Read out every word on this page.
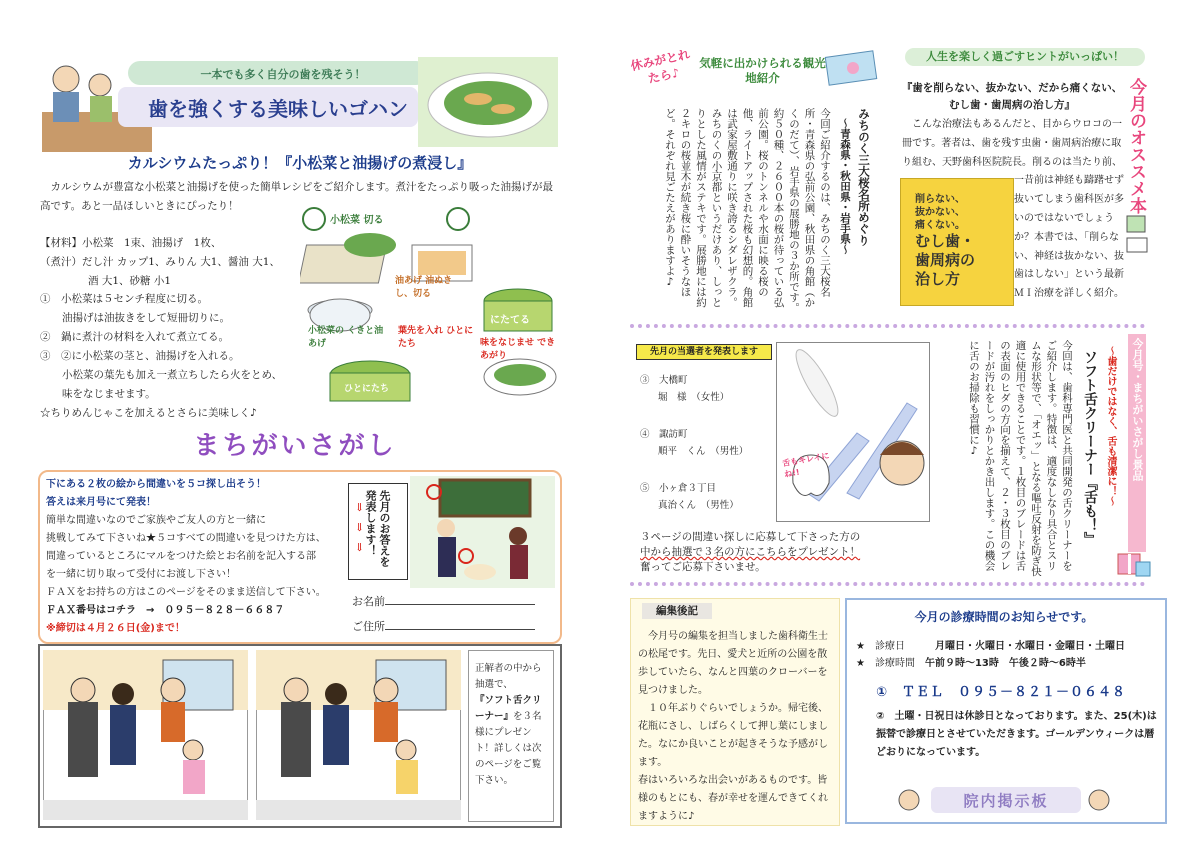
一本でも多く自分の歯を残そう！
歯を強くする美味しいゴハン
カルシウムたっぷり！『小松菜と油揚げの煮浸し』
カルシウムが豊富な小松菜と油揚げを使った簡単レシピをご紹介します。煮汁をたっぷり吸った油揚げが最高です。あと一品ほしいときにぴったり！
【材料】小松菜　1束、油揚げ　1枚、
（煮汁）だし汁 カップ1、みりん 大1、醤油 大1、
酒 大1、砂糖 小1
①　小松菜は５センチ程度に切る。
油揚げは油抜きをして短冊切りに。
②　鍋に煮汁の材料を入れて煮立てる。
③　②に小松菜の茎と、油揚げを入れる。
小松菜の葉先も加え一煮立ちしたら火をとめ、
味をなじませます。
☆ちりめんじゃこを加えるとさらに美味しく♪
小松菜 切る
油あげ 油ぬきし、切る
にたてる
小松菜の くきと油あげ
ひとにたち
葉先を入れ ひとにたち	味をなじませ できあがり
まちがいさがし
下にある２枚の絵から間違いを５コ探し出そう！
答えは来月号にて発表！
簡単な間違いなのでご家族やご友人の方と一緒に
挑戦してみて下さいね★５コすべての間違いを見つけた方は、
間違っているところにマルをつけた絵とお名前を記入する部
を一緒に切り取って受付にお渡し下さい！
ＦＡＸをお持ちの方はこのページをそのまま送信して下さい。
ＦＡＸ番号はコチラ　→　０９５－８２８－６６８７
※締切は４月２６日(金)まで！
先月のお答えを発表します！
⇓
⇓
⇓
お名前
ご住所
正解者の中から抽選で、
『ソフト舌クリーナー』を３名様にプレゼント！詳しくは次のページをご覧下さい。
休みがとれたら♪
気軽に出かけられる観光地紹介
みちのく三大桜名所めぐり
～青森県・秋田県・岩手県～
今回ご紹介するのは、みちのく三大桜名所・青森県の弘前公園、秋田県の角館（かくのだて）、岩手県の展勝地の３か所です。約５０種、２６００本の桜が待っている弘前公園。桜のトンネルや水面に映る桜の他、ライトアップされた桜も幻想的。角館は武家屋敷通りに咲き誇るシダレザクラ。みちのくの小京都というだけあり、しっとりとした風情がステキです。展勝地には約２キロの桜並木が続き桜に酔いそうなほど。それぞれ見ごたえがありますよ♪
人生を楽しく過ごすヒントがいっぱい！
今月のオススメ本
『歯を削らない、抜かない、だから痛くない、むし歯・歯周病の治し方』
削らない、
抜かない、
痛くない。
むし歯・
歯周病の
治し方
こんな治療法もあるんだと、目からウロコの一冊です。著者は、歯を残す虫歯・歯周病治療に取り組む、天野歯科医院院長。削るのは当たり前、一昔前は神経も躊躇せず抜いてしまう歯科医が多いのではないでしょうか？本書では、「削らない、神経は抜かない、抜歯はしない」という最新ＭＩ治療を詳しく紹介。
先月の当選者を発表します
③　 大橋町
堀　様　（女性）
④　 諏訪町
順平　くん　（男性）
⑤　 小ヶ倉３丁目
真治くん　（男性）
舌もキレイにね!!
３ページの間違い探しに応募して下さった方の
中から抽選で３名の方にこちらをプレゼント！
奮ってご応募下さいませ。
今月号・まちがいさがし景品
～歯だけではなく、舌も清潔に！～
ソフト舌クリーナー『舌も！』
今回は、歯科専門医と共同開発の舌クリーナーをご紹介します。特徴は、適度なしなり具合とスリムな形状等で、「オエッ」となる嘔吐反射を防ぎ快適に使用できることです。１枚目のブレードは舌の表面のヒダの方向を揃えて、２・３枚目のブレードが汚れをしっかりとかき出します。この機会に舌のお掃除も習慣に♪
編集後記
今月号の編集を担当しました歯科衛生士の松尾です。先日、愛犬と近所の公園を散歩していたら、なんと四葉のクローバーを見つけました。
１０年ぶりぐらいでしょうか。帰宅後、花瓶にさし、しばらくして押し葉にしました。なにか良いことが起きそうな予感がします。
春はいろいろな出会いがあるものです。皆様のもとにも、春が幸せを運んできてくれますように♪
今月の診療時間のお知らせです。
★　診療日　　　	月曜日・火曜日・水曜日・金曜日・土曜日
★　診療時間　 午前９時～13時　午後２時～6時半
①　ＴＥＬ　０９５－８２１－０６４８
②　土曜・日祝日は休診日となっております。また、25(木)は振替で診療日とさせていただきます。ゴールデンウィークは暦どおりになっています。
院内掲示板
